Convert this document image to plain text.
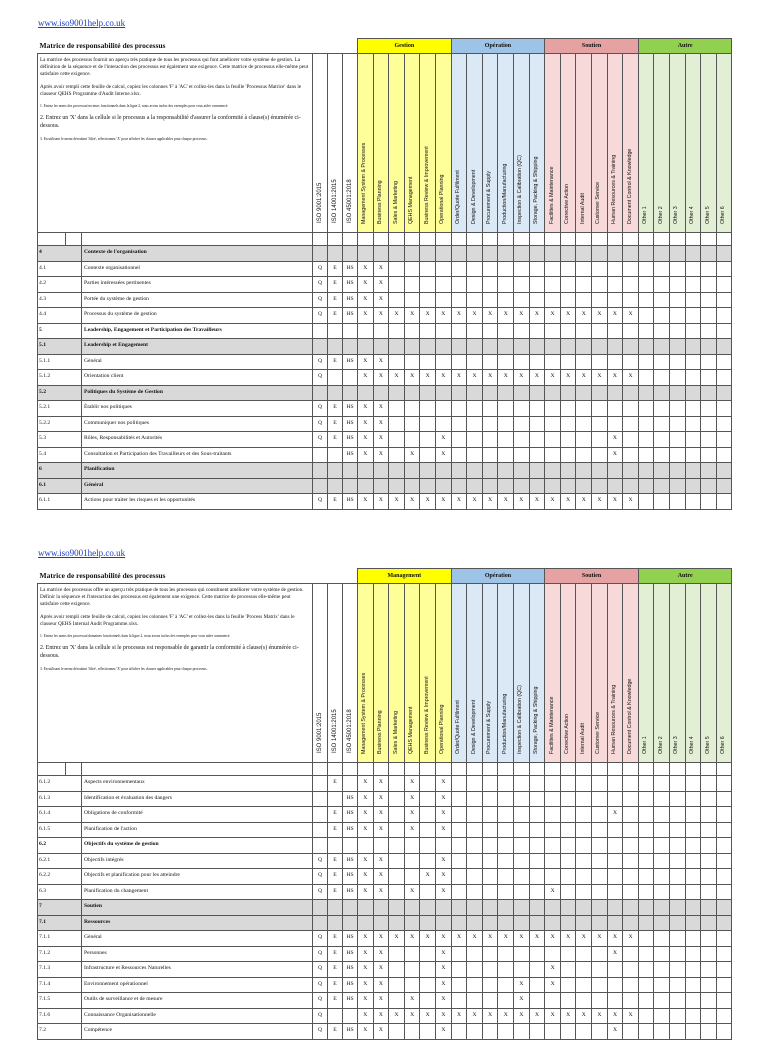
www.iso9001help.co.uk
Matrice de responsabilité des processus						Gestion						Opération						Soutien						Autre					

La matrice des processus fournit un aperçu très pratique de tous les processus qui font améliorer votre système de gestion. La définition de la séquence et de l'interaction des processus est également une exigence. Cette matrice de processus elle-même peut satisfaire cette exigence.

Après avoir rempli cette feuille de calcul, copiez les colonnes 'F' à 'AC' et collez-les dans la feuille 'Processus Matrice' dans le classeur QEHS Programme d'Audit Interne.xlsx.

1. Entrez les noms des processus/secteurs fonctionnels dans la ligne 2, nous avons inclus des exemples pour vous aider commencé.

2. Entrez un 'X' dans la cellule si le processus a la responsabilité d'assurer la conformité à clause(s) énumérée ci-dessous.

3. En utilisant le menu déroulant 'filtre', sélectionnez 'X' pour afficher les clauses applicables pour chaque processus.			ISO 9001:2015	ISO 14001:2015	ISO 45001:2018	Management System & Processes	Business Planning	Sales & Marketing	QEHS Management	Business Review & Improvement	Operational Planning	Order/Quote Fulfilment	Design & Development	Procurement & Supply	Production/Manufacturing	Inspection & Calibration (QC)	Storage, Packing & Shipping	Facilities & Maintenance	Corrective Action	Internal Audit	Customer Service	Human Resources & Training	Document Control & Knowledge	Other 1	Other 2	Other 3	Other 4	Other 5	Other 6

4		Contexte de l'organisation																											
4.1		Contexte organisationnel	Q	E	HS	X	X																						
4.2		Parties intéressées pertinentes	Q	E	HS	X	X																						
4.3		Portée du système de gestion	Q	E	HS	X	X																						
4.4		Processus du système de gestion	Q	E	HS	X	X	X	X	X	X	X	X	X	X	X	X	X	X	X	X	X	X						
5		Leadership, Engagement et Participation des Travailleurs																											
5.1		Leadership et Engagement																											
5.1.1		Général	Q	E	HS	X	X																						
5.1.2		Orientation client	Q			X	X	X	X	X	X	X	X	X	X	X	X	X	X	X	X	X	X						
5.2		Politiques du Système de Gestion																											
5.2.1		Établir nos politiques	Q	E	HS	X	X																						
5.2.2		Communiquer nos politiques	Q	E	HS	X	X																						
5.3		Rôles, Responsabilités et Autorités	Q	E	HS	X	X				X											X							
5.4		Consultation et Participation des Travailleurs et des Sous-traitants			HS	X	X		X		X											X							
6		Planification																											
6.1		Général																											
6.1.1		Actions pour traiter les risques et les opportunités	Q	E	HS	X	X	X	X	X	X	X	X	X	X	X	X	X	X	X	X	X	X						
www.iso9001help.co.uk
Matrice de responsabilité des processus						Management						Opération						Soutien						Autre					

La matrice des processus offre un aperçu très pratique de tous les processus qui constituent améliorer votre système de gestion. Définir la séquence et l'interaction des processus est également une exigence. Cette matrice de processus elle-même peut satisfaire cette exigence.

Après avoir rempli cette feuille de calcul, copiez les colonnes 'F' à 'AC' et collez-les dans la feuille 'Process Matrix' dans le classeur QEHS Internal Audit Programme.xlsx.

1. Entrez les noms des processus/domaines fonctionnels dans la ligne 2, nous avons inclus des exemples pour vous aider commencé.

2. Entrez un 'X' dans la cellule si le processus est responsable de garantir la conformité à clause(s) énumérée ci-dessous.

3. En utilisant le menu déroulant 'filtre', sélectionnez 'X' pour afficher les clauses applicables pour chaque processus.			ISO 9001:2015	ISO 14001:2015	ISO 45001:2018	Management System & Processes	Business Planning	Sales & Marketing	QEHS Management	Business Review & Improvement	Operational Planning	Order/Quote Fulfilment	Design & Development	Procurement & Supply	Production/Manufacturing	Inspection & Calibration (QC)	Storage, Packing & Shipping	Facilities & Maintenance	Corrective Action	Internal Audit	Customer Service	Human Resources & Training	Document Control & Knowledge	Other 1	Other 2	Other 3	Other 4	Other 5	Other 6

6.1.2		Aspects environnementaux		E		X	X		X		X																		
6.1.3		Identification et évaluation des dangers			HS	X	X		X		X																		
6.1.4		Obligations de conformité		E	HS	X	X		X		X											X							
6.1.5		Planification de l'action		E	HS	X	X		X		X																		
6.2		Objectifs du système de gestion																											
6.2.1		Objectifs intégrés	Q	E	HS	X	X				X																		
6.2.2		Objectifs et planification pour les atteindre	Q	E	HS	X	X			X	X																		
6.3		Planification du changement	Q	E	HS	X	X		X		X							X											
7		Soutien																											
7.1		Ressources																											
7.1.1		Général	Q	E	HS	X	X	X	X	X	X	X	X	X	X	X	X	X	X	X	X	X	X						
7.1.2		Personnes	Q	E	HS	X	X				X											X							
7.1.3		Infrastructure et Ressources Naturelles	Q	E	HS	X	X				X							X											
7.1.4		Environnement opérationnel	Q	E	HS	X	X				X					X		X											
7.1.5		Outils de surveillance et de mesure	Q	E	HS	X	X		X		X					X													
7.1.6		Connaissance Organisationnelle	Q			X	X	X	X	X	X	X	X	X	X	X	X	X	X	X	X	X	X						
7.2		Compétence	Q	E	HS	X	X				X											X							
